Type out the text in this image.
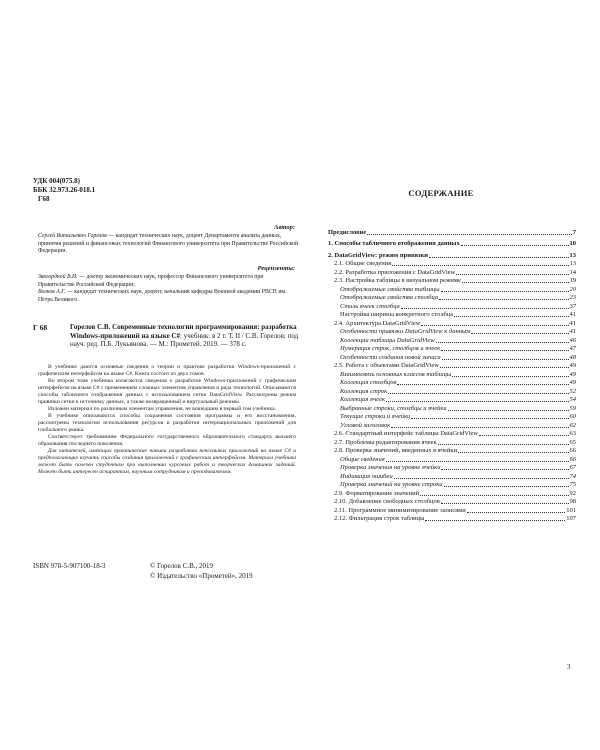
УДК 004(075.8)
ББК 32.973.26-018.1
Г68
Автор:
Сергей Витальевич Горелов — кандидат технических наук, доцент Департамента анализа данных, принятия решений и финансовых технологий Финансового университета при Правительстве Российской Федерации.
Рецензенты:
Звягордной В.И. — доктор экономических наук, профессор Финансового университета при Правительстве Российской Федерации;
Волков А.Г. — кандидат технических наук, доцент, начальник кафедры Военной академии РВСН им. Петра Великого.
Г 68	Горелов С.В. Современные технологии программирования: разработка Windows-приложений на языке C#: учебник: в 2 т. Т. II / С.В. Горелов; под науч. ред. П.Б. Лукьянова. — М.: Прометей. 2019. — 378 с.

В учебнике даются основные сведения о теории и практике разработки Windows-приложений с графическим интерфейсом на языке C#. Книга состоит из двух томов.

Во втором томе учебника излагаются сведения о разработке Windows-приложений с графическим интерфейсом на языке C# с применением сложных элементов управления и ряда технологий. Описываются способы табличного отображения данных с использованием сетки DataGridView. Рассмотрены режим привязки сетки к источнику данных, а также возвращенный и виртуальный режимы.

Изложен материал по различным элементам управления, не вошедшим в первый том учебника.

В учебнике описываются способы сохранения состояния программы и его восстановления, рассмотрены технологии использования ресурсов и разработки интернациональных приложений для глобального рынка.

Соответствует требованиям Федерального государственного образовательного стандарта высшего образования последнего поколения.

Для читателей, имеющих практические навыки разработки консольных приложений на языке C# и предполагающих изучить способы создания приложений с графическим интерфейсом. Материал учебника может быть полезен студентам при выполнении курсовых работ и творческих домашних заданий. Может быть интересен аспирантам, научным сотрудникам и преподавателям.

ISBN 978-5-907100-18-3	© Горелов С.В., 2019
© Издательство «Прометей», 2019
СОДЕРЖАНИЕ
Предисловие	7
1. Способы табличного отображения данных	10
2. DataGridView: режим привязки	13
2.1. Общие сведения	13
2.2. Разработка приложения с DataGridView	14
2.3. Настройка таблицы в визуальном режиме	19
Отображаемые свойства таблицы	20
Отображаемые свойства столбца	23
Стиль ячеек столбца	37
Настройка ширины конкретного столбца	41
2.4. Архитектура DataGridView	41
Особенности привязки DataGridView к данным	41
Коллекции таблицы DataGridView	46
Нумерация строк, столбцов и ячеек	47
Особенности создания новой записи	48
2.5. Работа с объектами DataGridView	49
Взаимосвязь основных классов таблицы	49
Коллекция столбцов	49
Коллекция строк	52
Коллекция ячеек	54
Выбранные строки, столбцы и ячейки	59
Текущие строки и ячейки	60
Угловой заголовок	62
2.6. Стандартный интерфейс таблицы DataGridView	63
2.7. Проблемы редактирования ячеек	65
2.8. Проверка значений, введенных в ячейки	66
Общие сведения	66
Проверка значения на уровне ячейки	67
Индикация ошибки	74
Проверка значений на уровне строки	75
2.9. Форматирование значений	92
2.10. Добавление свободных столбцов	98
2.11. Программное минимизирование записями	101
2.12. Фильтрация строк таблицы	107
3
